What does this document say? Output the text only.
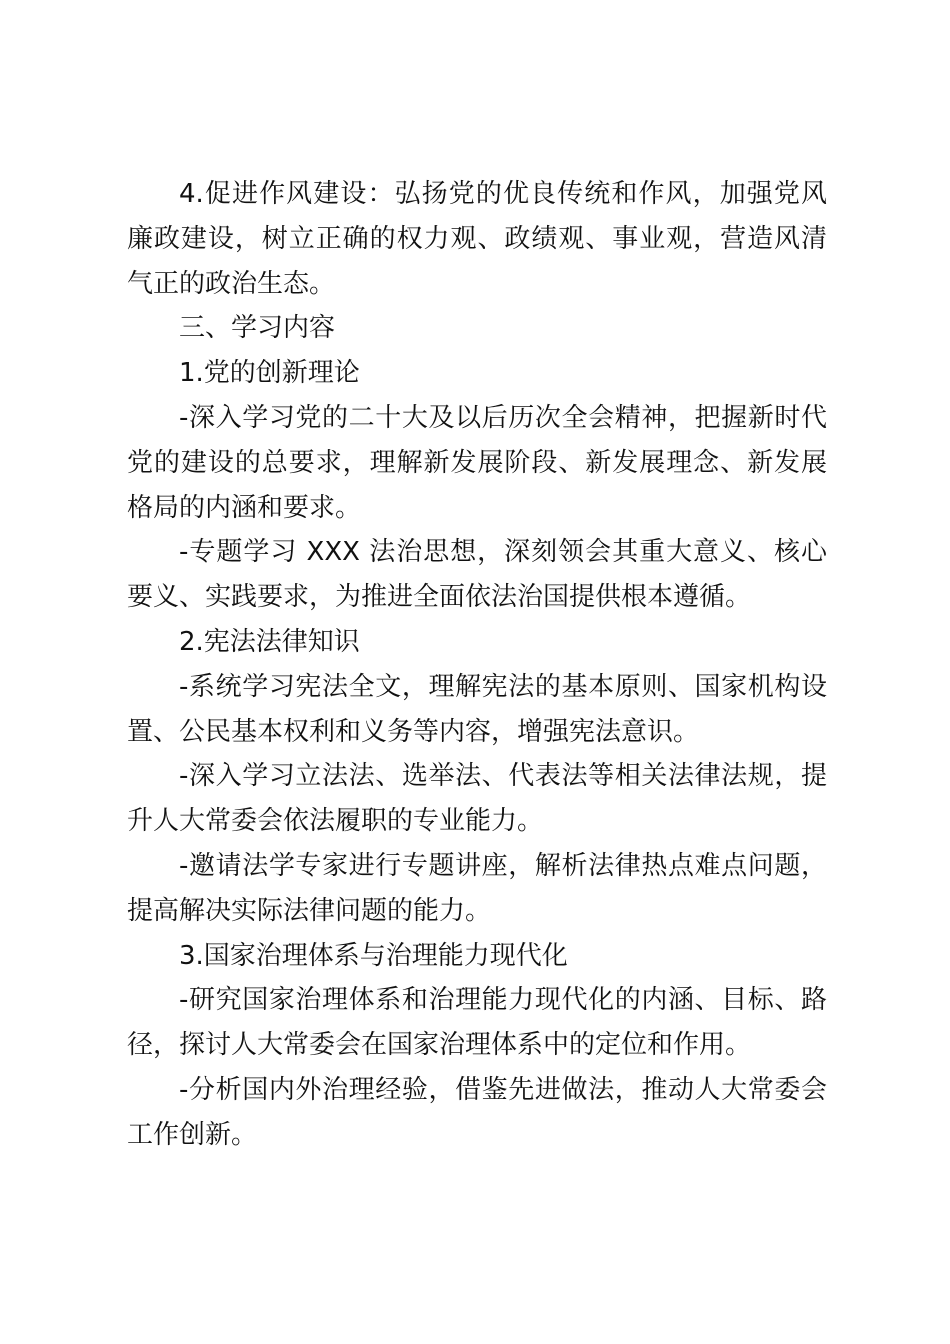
4.促进作风建设：弘扬党的优良传统和作风，加强党风廉政建设，树立正确的权力观、政绩观、事业观，营造风清气正的政治生态。

三、学习内容

1.党的创新理论

-深入学习党的二十大及以后历次全会精神，把握新时代党的建设的总要求，理解新发展阶段、新发展理念、新发展格局的内涵和要求。

-专题学习 XXX 法治思想，深刻领会其重大意义、核心要义、实践要求，为推进全面依法治国提供根本遵循。

2.宪法法律知识

-系统学习宪法全文，理解宪法的基本原则、国家机构设置、公民基本权利和义务等内容，增强宪法意识。

-深入学习立法法、选举法、代表法等相关法律法规，提升人大常委会依法履职的专业能力。

-邀请法学专家进行专题讲座，解析法律热点难点问题，提高解决实际法律问题的能力。

3.国家治理体系与治理能力现代化

-研究国家治理体系和治理能力现代化的内涵、目标、路径，探讨人大常委会在国家治理体系中的定位和作用。

-分析国内外治理经验，借鉴先进做法，推动人大常委会工作创新。
